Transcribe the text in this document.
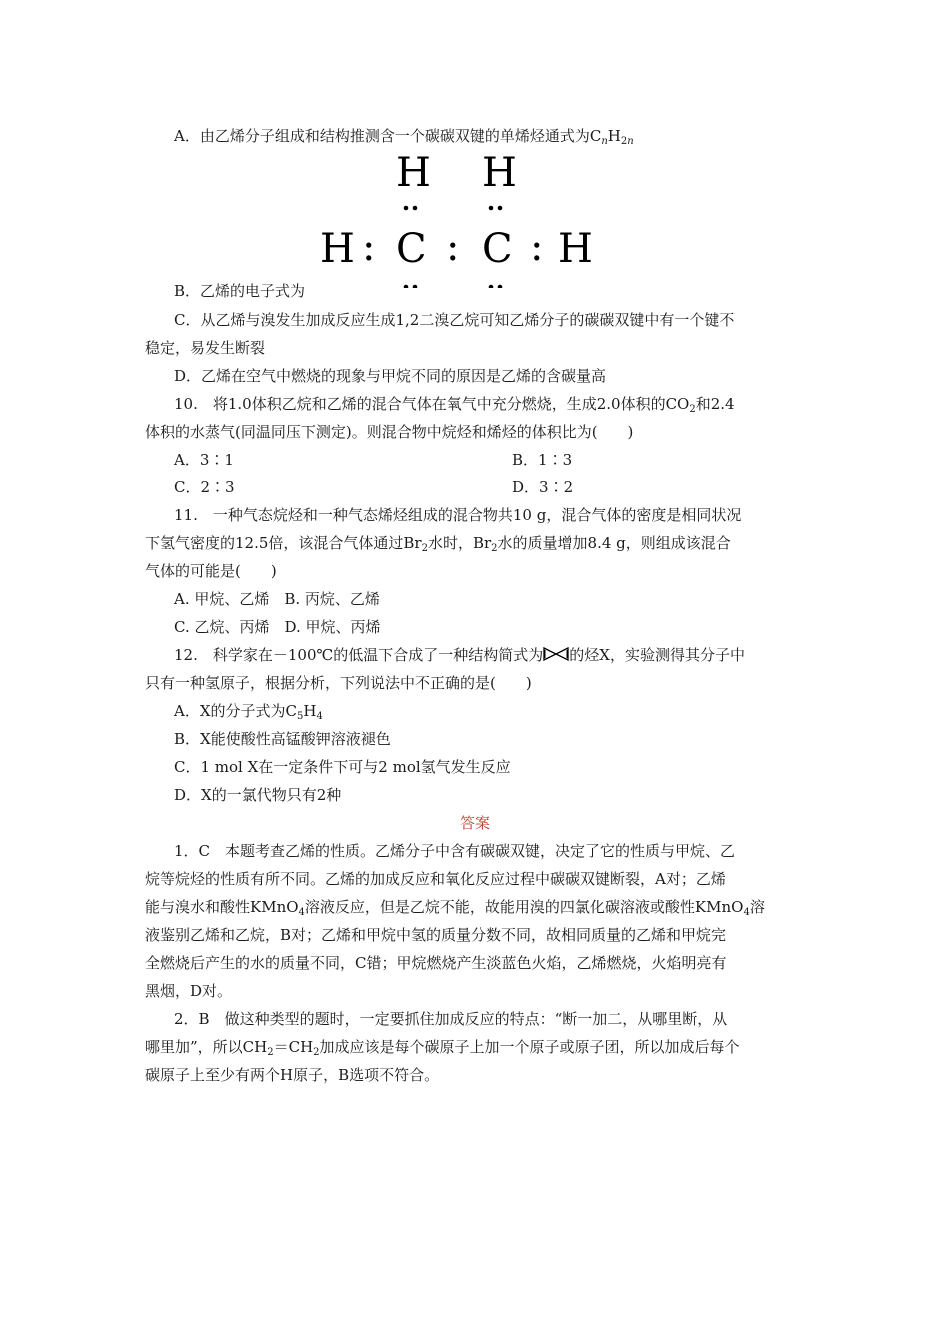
A．由乙烯分子组成和结构推测含一个碳碳双键的单烯烃通式为$C_nH_{2n}$
H H
H : C : C : H
B．乙烯的电子式为
C．从乙烯与溴发生加成反应生成1,2二溴乙烷可知乙烯分子的碳碳双键中有一个键不
稳定，易发生断裂
D．乙烯在空气中燃烧的现象与甲烷不同的原因是乙烯的含碳量高
10.　将1.0体积乙烷和乙烯的混合气体在氧气中充分燃烧，生成2.0体积的$CO_2$和2.4
体积的水蒸气(同温同压下测定)。则混合物中烷烃和烯烃的体积比为(　　)
A．3∶1	B．1∶3
C．2∶3	D．3∶2
11.　一种气态烷烃和一种气态烯烃组成的混合物共10 g，混合气体的密度是相同状况
下氢气密度的12.5倍，该混合气体通过$Br_2$水时，$Br_2$水的质量增加8.4 g，则组成该混合
气体的可能是(　　)
A. 甲烷、乙烯　B. 丙烷、乙烯
C. 乙烷、丙烯　D. 甲烷、丙烯
12.　科学家在－100℃的低温下合成了一种结构简式为 的烃X，实验测得其分子中
只有一种氢原子，根据分析，下列说法中不正确的是(　　)
A．X的分子式为$C_5H_4$
B．X能使酸性高锰酸钾溶液褪色
C．1 mol X在一定条件下可与2 mol氢气发生反应
D．X的一氯代物只有2种
答案
1．C　本题考查乙烯的性质。乙烯分子中含有碳碳双键，决定了它的性质与甲烷、乙
烷等烷烃的性质有所不同。乙烯的加成反应和氧化反应过程中碳碳双键断裂，A对；乙烯
能与溴水和酸性KMnO$_4$溶液反应，但是乙烷不能，故能用溴的四氯化碳溶液或酸性KMnO$_4$溶
液鉴别乙烯和乙烷，B对；乙烯和甲烷中氢的质量分数不同，故相同质量的乙烯和甲烷完
全燃烧后产生的水的质量不同，C错；甲烷燃烧产生淡蓝色火焰，乙烯燃烧，火焰明亮有
黑烟，D对。
2．B　做这种类型的题时，一定要抓住加成反应的特点：“断一加二，从哪里断，从
哪里加”，所以$CH_2=CH_2$加成应该是每个碳原子上加一个原子或原子团，所以加成后每个
碳原子上至少有两个H原子，B选项不符合。
